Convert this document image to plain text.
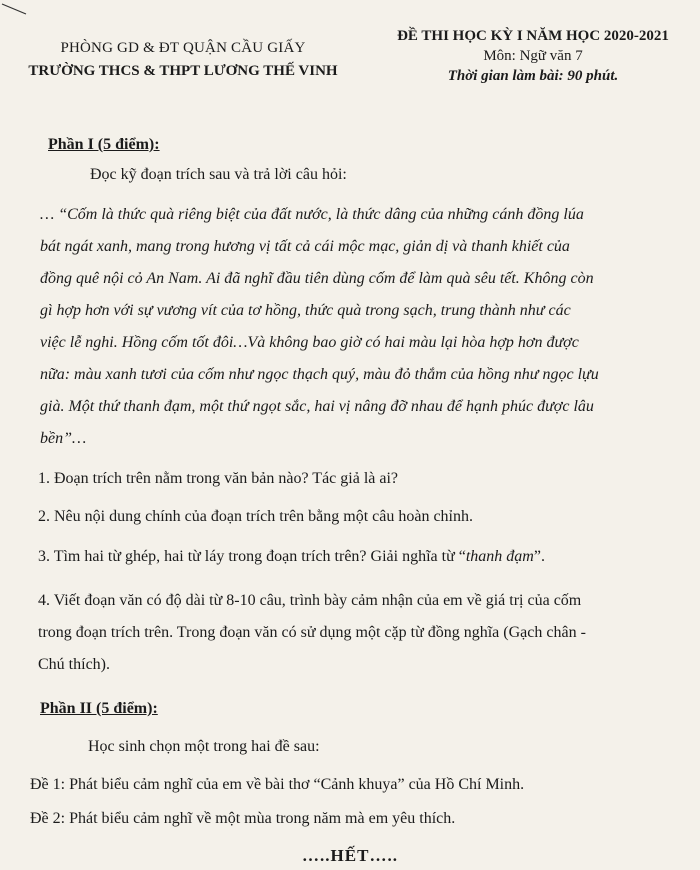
PHÒNG GD & ĐT QUẬN CẦU GIẤY
TRƯỜNG THCS & THPT LƯƠNG THẾ VINH
ĐỀ THI HỌC KỲ I NĂM HỌC 2020-2021
Môn: Ngữ văn 7
Thời gian làm bài: 90 phút.
Phần I (5 điểm):
Đọc kỹ đoạn trích sau và trả lời câu hỏi:
… “Cốm là thức quà riêng biệt của đất nước, là thức dâng của những cánh đồng lúa
bát ngát xanh, mang trong hương vị tất cả cái mộc mạc, giản dị và thanh khiết của
đồng quê nội cỏ An Nam. Ai đã nghĩ đầu tiên dùng cốm để làm quà sêu tết. Không còn
gì hợp hơn với sự vương vít của tơ hồng, thức quà trong sạch, trung thành như các
việc lễ nghi. Hồng cốm tốt đôi…Và không bao giờ có hai màu lại hòa hợp hơn được
nữa: màu xanh tươi của cốm như ngọc thạch quý, màu đỏ thắm của hồng như ngọc lựu
già. Một thứ thanh đạm, một thứ ngọt sắc, hai vị nâng đỡ nhau để hạnh phúc được lâu
bền”…
1. Đoạn trích trên nằm trong văn bản nào? Tác giả là ai?
2. Nêu nội dung chính của đoạn trích trên bằng một câu hoàn chỉnh.
3. Tìm hai từ ghép, hai từ láy trong đoạn trích trên? Giải nghĩa từ “thanh đạm”.
4. Viết đoạn văn có độ dài từ 8-10 câu, trình bày cảm nhận của em về giá trị của cốm
trong đoạn trích trên. Trong đoạn văn có sử dụng một cặp từ đồng nghĩa (Gạch chân -
Chú thích).
Phần II (5 điểm):
Học sinh chọn một trong hai đề sau:
Đề 1: Phát biểu cảm nghĩ của em về bài thơ “Cảnh khuya” của Hồ Chí Minh.
Đề 2: Phát biểu cảm nghĩ về một mùa trong năm mà em yêu thích.
…..HẾT…..
